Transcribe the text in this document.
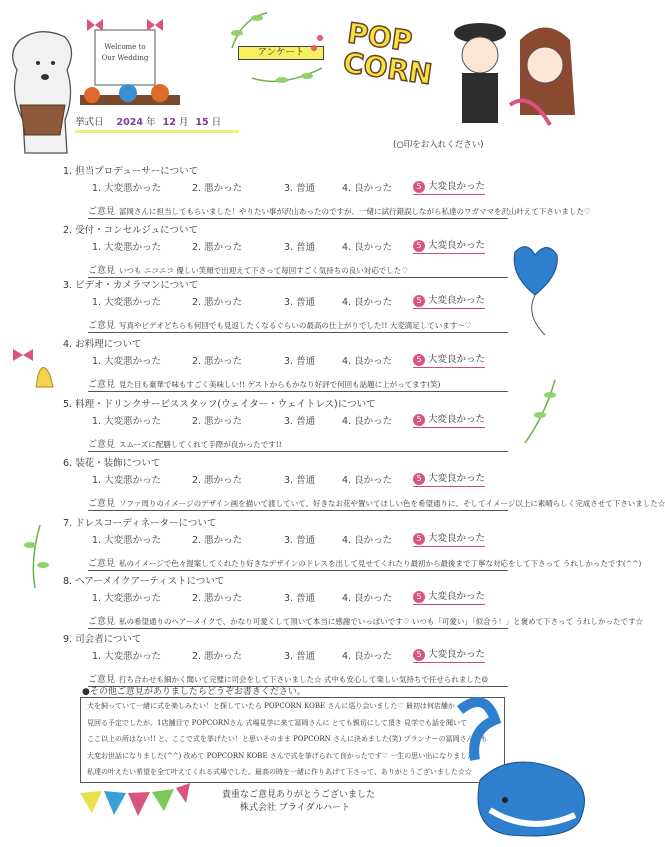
Welcome to Our Wedding	アンケート	POP CORN
挙式日 2024 年 12 月 15 日
(○印をお入れください)
1. 担当プロデューサーについて
1. 大変悪かった	2. 悪かった	3. 普通	4. 良かった	5 大変良かった
ご意見 冨岡さんに担当してもらいました！やりたい事が沢山あったのですが、一緒に試行錯誤しながら私達のワガママを沢山叶えて下さいました♡
2. 受付・コンセルジュについて
1. 大変悪かった	2. 悪かった	3. 普通	4. 良かった	5 大変良かった
ご意見 いつも ニコニコ 優しい笑顔で出迎えて下さって毎回すごく気持ちの良い対応でした♡
3. ビデオ・カメラマンについて
1. 大変悪かった	2. 悪かった	3. 普通	4. 良かった	5 大変良かった
ご意見 写真やビデオどちらも何回でも見返したくなるぐらいの最高の仕上がりでした!! 大変満足しています〜♡
4. お料理について
1. 大変悪かった	2. 悪かった	3. 普通	4. 良かった	5 大変良かった
ご意見 見た目も豪華で味もすごく美味しい!! ゲストからもかなり好評で何回も話題に上がってます(笑)
5. 料理・ドリンクサービススタッフ(ウェイター・ウェイトレス)について
1. 大変悪かった	2. 悪かった	3. 普通	4. 良かった	5 大変良かった
ご意見 スムーズに配膳してくれて手際が良かったです!!
6. 装花・装飾について
1. 大変悪かった	2. 悪かった	3. 普通	4. 良かった	5 大変良かった
ご意見 ソファ周りのイメージのデザイン画を描いて渡していて、好きなお花や置いてほしい色を希望通りに、そしてイメージ以上に素晴らしく完成させて下さいました☆
7. ドレスコーディネーターについて
1. 大変悪かった	2. 悪かった	3. 普通	4. 良かった	5 大変良かった
ご意見 私のイメージで色々提案してくれたり好きなデザインのドレスを出して見せてくれたり最初から最後まで丁寧な対応をして下さって うれしかったです(^^)
8. ヘアーメイクアーティストについて
1. 大変悪かった	2. 悪かった	3. 普通	4. 良かった	5 大変良かった
ご意見 私の希望通りのヘアーメイクで、かなり可愛くして頂いて本当に感謝でいっぱいです♡ いつも「可愛い」「似合う！」と褒めて下さって うれしかったです☆
9. 司会者について
1. 大変悪かった	2. 悪かった	3. 普通	4. 良かった	5 大変良かった
ご意見 打ち合わせも細かく聞いて完璧に司会をして下さいました☆ 式中も安心して楽しい気持ちで任せられました☺
●その他ご意見がありましたらどうぞお書きください。
犬を飼っていて一緒に式を楽しみたい！と探していたら POPCORN KOBE さんに巡り会いました♡ 最初は何店舗か
見回る予定でしたが、1店舗目で POPCORNさん 式場見学に来て冨岡さんに とても親切にして頂き 見学でも話を聞いて
ここ以上の所はない!! と、ここで式を挙げたい！と思いそのまま POPCORN さんに決めました(笑) プランナーの冨岡さんにも
大変お世話になりました(^^) 改めて POPCORN KOBE さんで式を挙げられて良かったです♡ 一生の思い出になりました!!
私達の叶えたい希望を全て叶えてくれる式場でした。最高の時を一緒に作りあげて下さって、ありがとうございました☆☆
貴重なご意見ありがとうございました
株式会社 ブライダルハート
